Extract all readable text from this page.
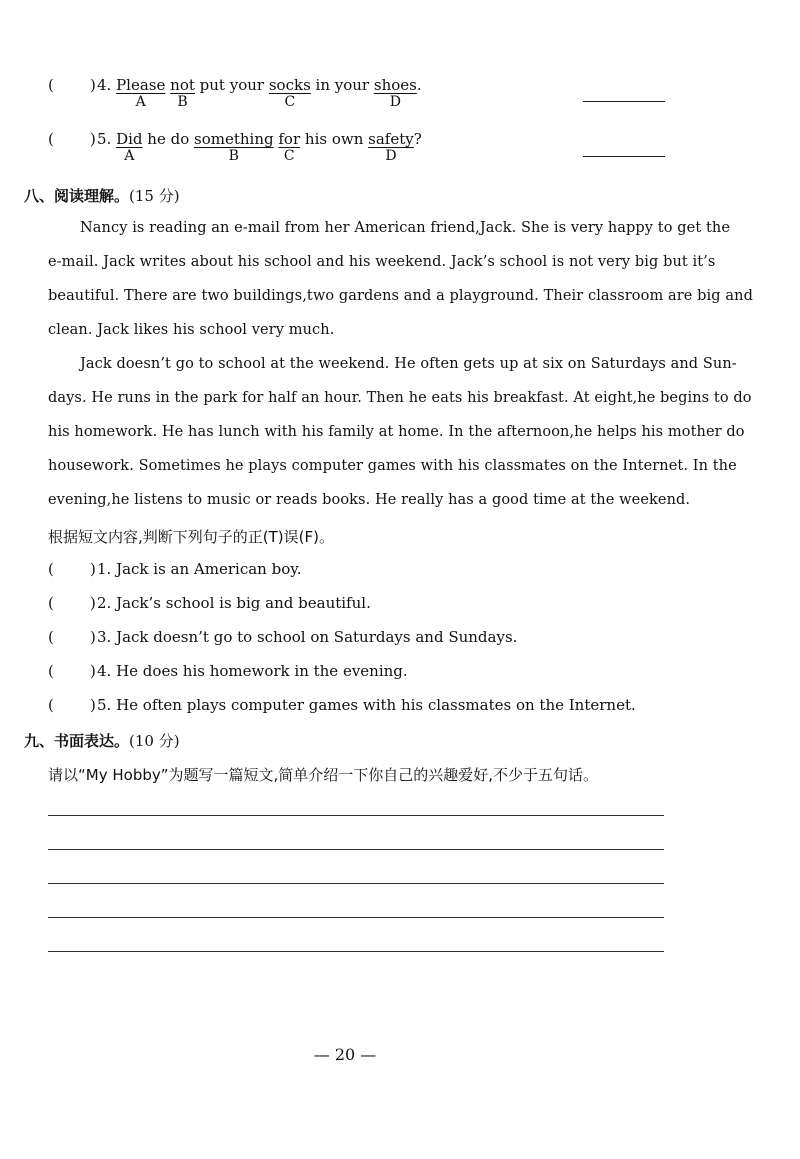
( ) 4. Please
A
not
B
put your socks
C
in your shoes
D
.
( ) 5. Did
A
he do something
B
for
C
his own safety
D
?
八、阅读理解。(15 分)
Nancy is reading an e-mail from her American friend,Jack. She is very happy to get the
e-mail. Jack writes about his school and his weekend. Jack’s school is not very big but it’s
beautiful. There are two buildings,two gardens and a playground. Their classroom are big and
clean. Jack likes his school very much.
Jack doesn’t go to school at the weekend. He often gets up at six on Saturdays and Sun-
days. He runs in the park for half an hour. Then he eats his breakfast. At eight,he begins to do
his homework. He has lunch with his family at home. In the afternoon,he helps his mother do
housework. Sometimes he plays computer games with his classmates on the Internet. In the
evening,he listens to music or reads books. He really has a good time at the weekend.
根据短文内容,判断下列句子的正(T)误(F)。
( ) 1. Jack is an American boy.
( ) 2. Jack’s school is big and beautiful.
( ) 3. Jack doesn’t go to school on Saturdays and Sundays.
( ) 4. He does his homework in the evening.
( ) 5. He often plays computer games with his classmates on the Internet.
九、书面表达。(10 分)
请以“My Hobby”为题写一篇短文,简单介绍一下你自己的兴趣爱好,不少于五句话。
— 20 —
